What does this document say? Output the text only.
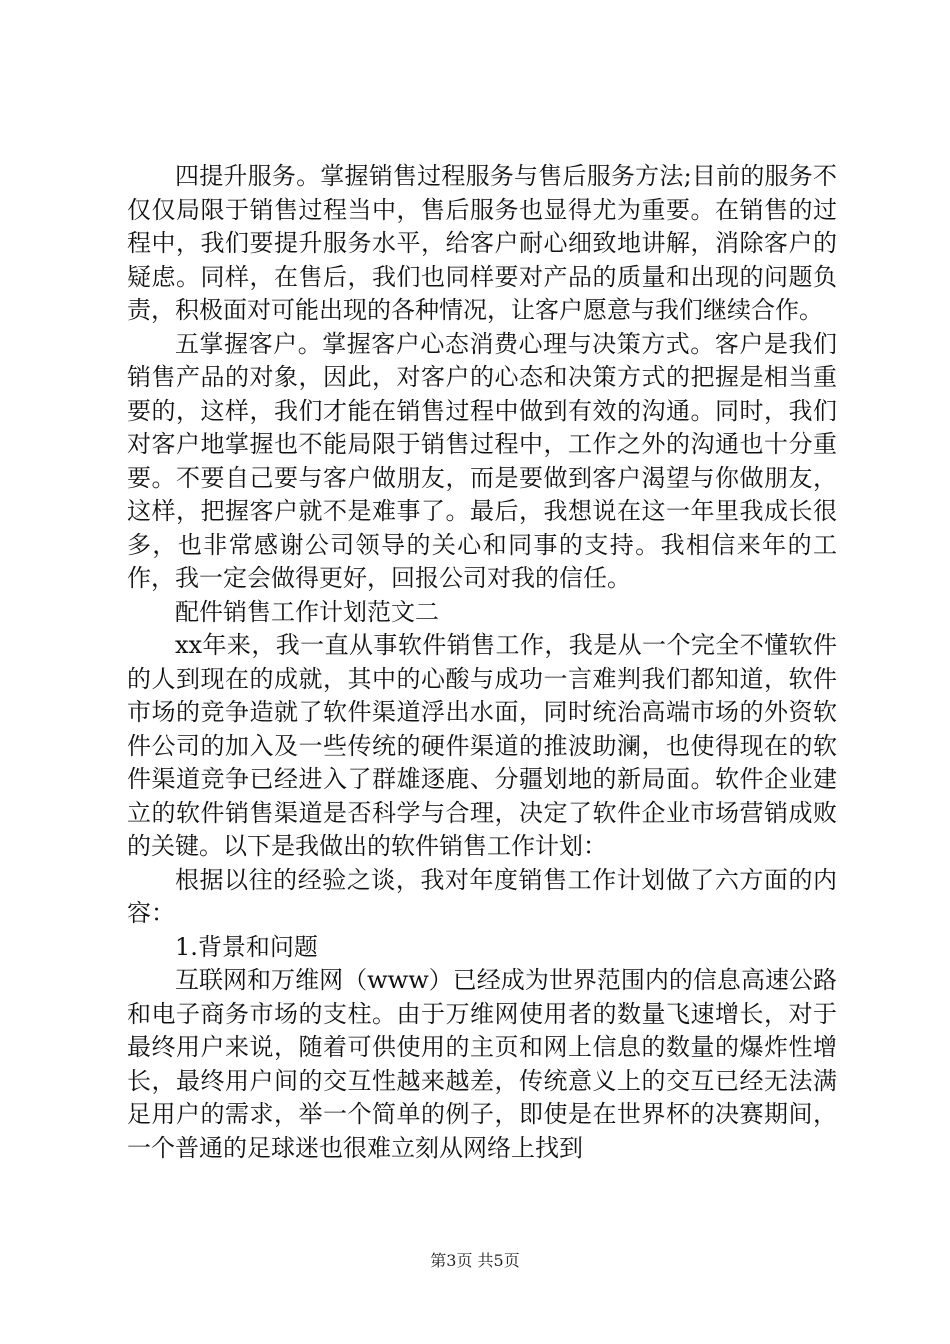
四提升服务。掌握销售过程服务与售后服务方法;目前的服务不仅仅局限于销售过程当中，售后服务也显得尤为重要。在销售的过程中，我们要提升服务水平，给客户耐心细致地讲解，消除客户的疑虑。同样，在售后，我们也同样要对产品的质量和出现的问题负责，积极面对可能出现的各种情况，让客户愿意与我们继续合作。

五掌握客户。掌握客户心态消费心理与决策方式。客户是我们销售产品的对象，因此，对客户的心态和决策方式的把握是相当重要的，这样，我们才能在销售过程中做到有效的沟通。同时，我们对客户地掌握也不能局限于销售过程中，工作之外的沟通也十分重要。不要自己要与客户做朋友，而是要做到客户渴望与你做朋友，这样，把握客户就不是难事了。最后，我想说在这一年里我成长很多，也非常感谢公司领导的关心和同事的支持。我相信来年的工作，我一定会做得更好，回报公司对我的信任。

配件销售工作计划范文二

xx年来，我一直从事软件销售工作，我是从一个完全不懂软件的人到现在的成就，其中的心酸与成功一言难判我们都知道，软件市场的竞争造就了软件渠道浮出水面，同时统治高端市场的外资软件公司的加入及一些传统的硬件渠道的推波助澜，也使得现在的软件渠道竞争已经进入了群雄逐鹿、分疆划地的新局面。软件企业建立的软件销售渠道是否科学与合理，决定了软件企业市场营销成败的关键。以下是我做出的软件销售工作计划：

根据以往的经验之谈，我对年度销售工作计划做了六方面的内容：

1.背景和问题

互联网和万维网（www）已经成为世界范围内的信息高速公路和电子商务市场的支柱。由于万维网使用者的数量飞速增长，对于最终用户来说，随着可供使用的主页和网上信息的数量的爆炸性增长，最终用户间的交互性越来越差，传统意义上的交互已经无法满足用户的需求，举一个简单的例子，即使是在世界杯的决赛期间，一个普通的足球迷也很难立刻从网络上找到

第3页 共5页
